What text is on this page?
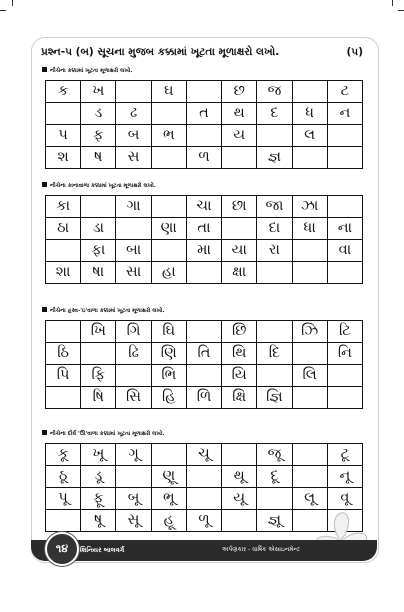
પ્રશ્ન-૫ (બ) સૂચના મુજબ કક્કામાં ખૂટતા મૂળાક્ષરો લખો.	(૫)
નીચેના કક્કામાં ખૂટતા મૂળાક્ષરો લખો.
ક	ખ		ઘ		છ	જ		ટ
	ડ	ઢ		ત	થ	દ	ધ	ન
પ	ફ	બ	ભ		ય		લ	
શ	ષ	સ		ળ		જ્ઞ		
નીચેના કાનાવાળા કક્કામાં ખૂટતા મૂળાક્ષરો લખો.
કા		ગા		ચા	છા	જા	ઝા	
ઠા	ડા		ણા	તા		દા	ધા	ના
	ફા	બા		મા	યા	રા		વા
શા	ષા	સા	હા		ક્ષા			
નીચેના હ્રસ્વ-'ઇ'વાળા કક્કામાં ખૂટતા મૂળાક્ષરો લખો.
	ખિ	ગિ	ઘિ		છિ		ઝિ	ટિ
ઠિ		ઢિ	ણિ	તિ	થિ	દિ		નિ
પિ	ફિ		ભિ		યિ		લિ	
	ષિ	સિ	હિ	ળિ	ક્ષિ	જ્ઞિ		
નીચેના દીર્ઘ 'ઊ'વાળા કક્કામાં ખૂટતા મૂળાક્ષરો લખો.
કૂ	ખૂ	ગૂ		ચૂ		જૂ		ટૂ
ઠૂ	ડૂ		ણૂ		થૂ	દૂ		નૂ
પૂ	ફૂ	બૂ	ભૂ		યૂ		લૂ	વૂ
	ષૂ	સૂ	હૂ	ળૂ		જ્ઞૂ		
૧૪	શિનિયર બાલવર્ગ	અર્પણકાર - વાર્ષિક એસાઇનમેન્ટ
